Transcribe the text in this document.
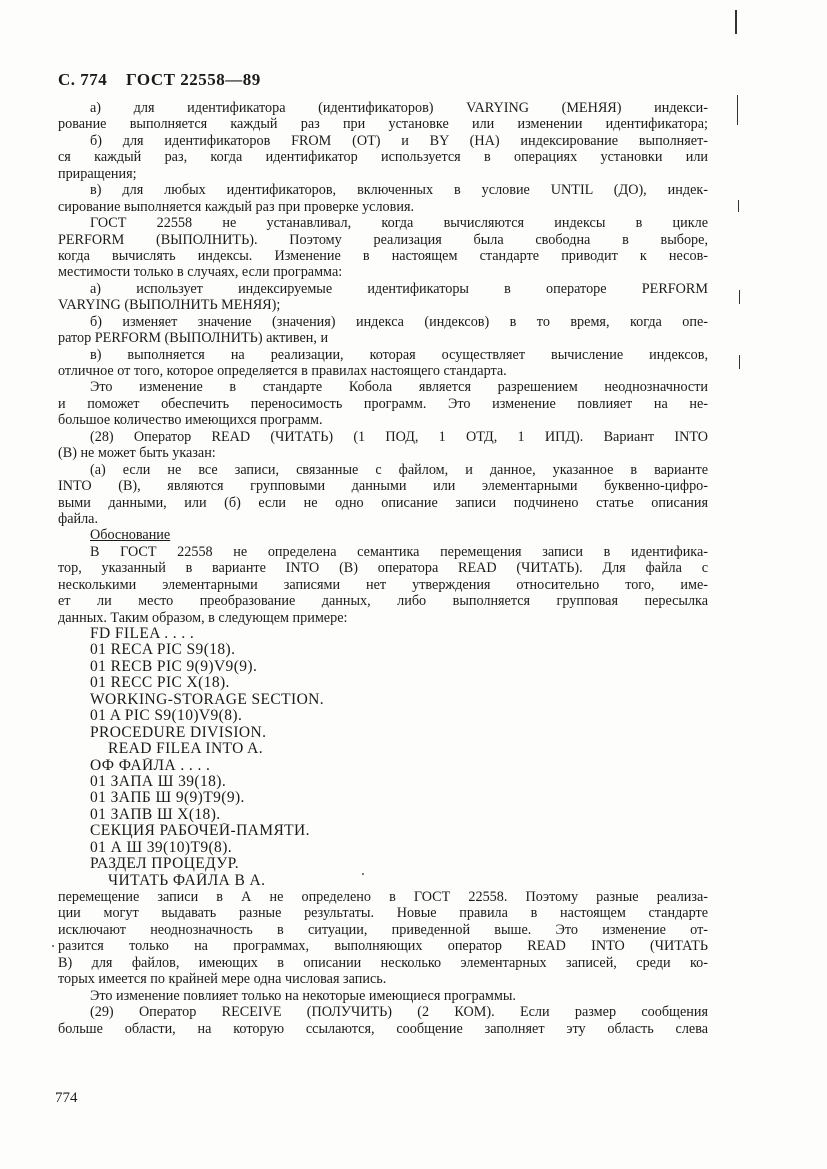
С. 774 ГОСТ 22558—89
а) для идентификатора (идентификаторов) VARYING (МЕНЯЯ) индекси-
рование выполняется каждый раз при установке или изменении идентификатора;
б) для идентификаторов FROM (ОТ) и BY (НА) индексирование выполняет-
ся каждый раз, когда идентификатор используется в операциях установки или
приращения;
в) для любых идентификаторов, включенных в условие UNTIL (ДО), индек-
сирование выполняется каждый раз при проверке условия.
ГОСТ 22558 не устанавливал, когда вычисляются индексы в цикле
PERFORM (ВЫПОЛНИТЬ). Поэтому реализация была свободна в выборе,
когда вычислять индексы. Изменение в настоящем стандарте приводит к несов-
местимости только в случаях, если программа:
а) использует индексируемые идентификаторы в операторе PERFORM
VARYING (ВЫПОЛНИТЬ МЕНЯЯ);
б) изменяет значение (значения) индекса (индексов) в то время, когда опе-
ратор PERFORM (ВЫПОЛНИТЬ) активен, и
в) выполняется на реализации, которая осуществляет вычисление индексов,
отличное от того, которое определяется в правилах настоящего стандарта.
Это изменение в стандарте Кобола является разрешением неоднозначности
и поможет обеспечить переносимость программ. Это изменение повлияет на не-
большое количество имеющихся программ.
(28) Оператор READ (ЧИТАТЬ) (1 ПОД, 1 ОТД, 1 ИПД). Вариант INTO
(В) не может быть указан:
(а) если не все записи, связанные с файлом, и данное, указанное в варианте
INTO (В), являются групповыми данными или элементарными буквенно-цифро-
выми данными, или (б) если не одно описание записи подчинено статье описания
файла.
Обоснование
В ГОСТ 22558 не определена семантика перемещения записи в идентифика-
тор, указанный в варианте INTO (В) оператора READ (ЧИТАТЬ). Для файла с
несколькими элементарными записями нет утверждения относительно того, име-
ет ли место преобразование данных, либо выполняется групповая пересылка
данных. Таким образом, в следующем примере:
FD FILEA . . . .
01 RECA PIC S9(18).
01 RECB PIC 9(9)V9(9).
01 RECC PIC X(18).
WORKING-STORAGE SECTION.
01 A PIC S9(10)V9(8).
PROCEDURE DIVISION.
READ FILEA INTO A.
ОФ ФАЙЛА . . . .
01 ЗАПА Ш 39(18).
01 ЗАПБ Ш 9(9)Т9(9).
01 ЗАПВ Ш X(18).
СЕКЦИЯ РАБОЧЕЙ-ПАМЯТИ.
01 А Ш 39(10)Т9(8).
РАЗДЕЛ ПРОЦЕДУР.
ЧИТАТЬ ФАЙЛА В А.
перемещение записи в А не определено в ГОСТ 22558. Поэтому разные реализа-
ции могут выдавать разные результаты. Новые правила в настоящем стандарте
исключают неоднозначность в ситуации, приведенной выше. Это изменение от-
разится только на программах, выполняющих оператор READ INTO (ЧИТАТЬ
В) для файлов, имеющих в описании несколько элементарных записей, среди ко-
торых имеется по крайней мере одна числовая запись.
Это изменение повлияет только на некоторые имеющиеся программы.
(29) Оператор RECEIVE (ПОЛУЧИТЬ) (2 КОМ). Если размер сообщения
больше области, на которую ссылаются, сообщение заполняет эту область слева
774
